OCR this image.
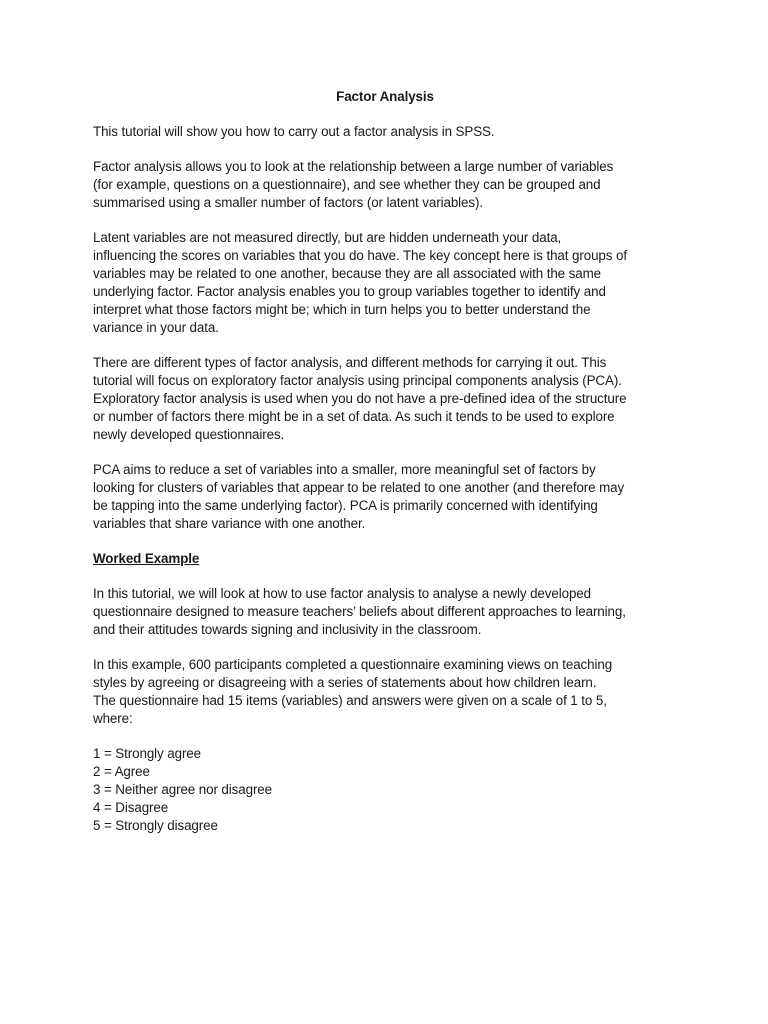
Factor Analysis
This tutorial will show you how to carry out a factor analysis in SPSS.
Factor analysis allows you to look at the relationship between a large number of variables
(for example, questions on a questionnaire), and see whether they can be grouped and
summarised using a smaller number of factors (or latent variables).
Latent variables are not measured directly, but are hidden underneath your data,
influencing the scores on variables that you do have. The key concept here is that groups of
variables may be related to one another, because they are all associated with the same
underlying factor. Factor analysis enables you to group variables together to identify and
interpret what those factors might be; which in turn helps you to better understand the
variance in your data.
There are different types of factor analysis, and different methods for carrying it out. This
tutorial will focus on exploratory factor analysis using principal components analysis (PCA).
Exploratory factor analysis is used when you do not have a pre-defined idea of the structure
or number of factors there might be in a set of data. As such it tends to be used to explore
newly developed questionnaires.
PCA aims to reduce a set of variables into a smaller, more meaningful set of factors by
looking for clusters of variables that appear to be related to one another (and therefore may
be tapping into the same underlying factor). PCA is primarily concerned with identifying
variables that share variance with one another.
Worked Example
In this tutorial, we will look at how to use factor analysis to analyse a newly developed
questionnaire designed to measure teachers’ beliefs about different approaches to learning,
and their attitudes towards signing and inclusivity in the classroom.
In this example, 600 participants completed a questionnaire examining views on teaching
styles by agreeing or disagreeing with a series of statements about how children learn.
The questionnaire had 15 items (variables) and answers were given on a scale of 1 to 5,
where:
1 = Strongly agree
2 = Agree
3 = Neither agree nor disagree
4 = Disagree
5 = Strongly disagree
